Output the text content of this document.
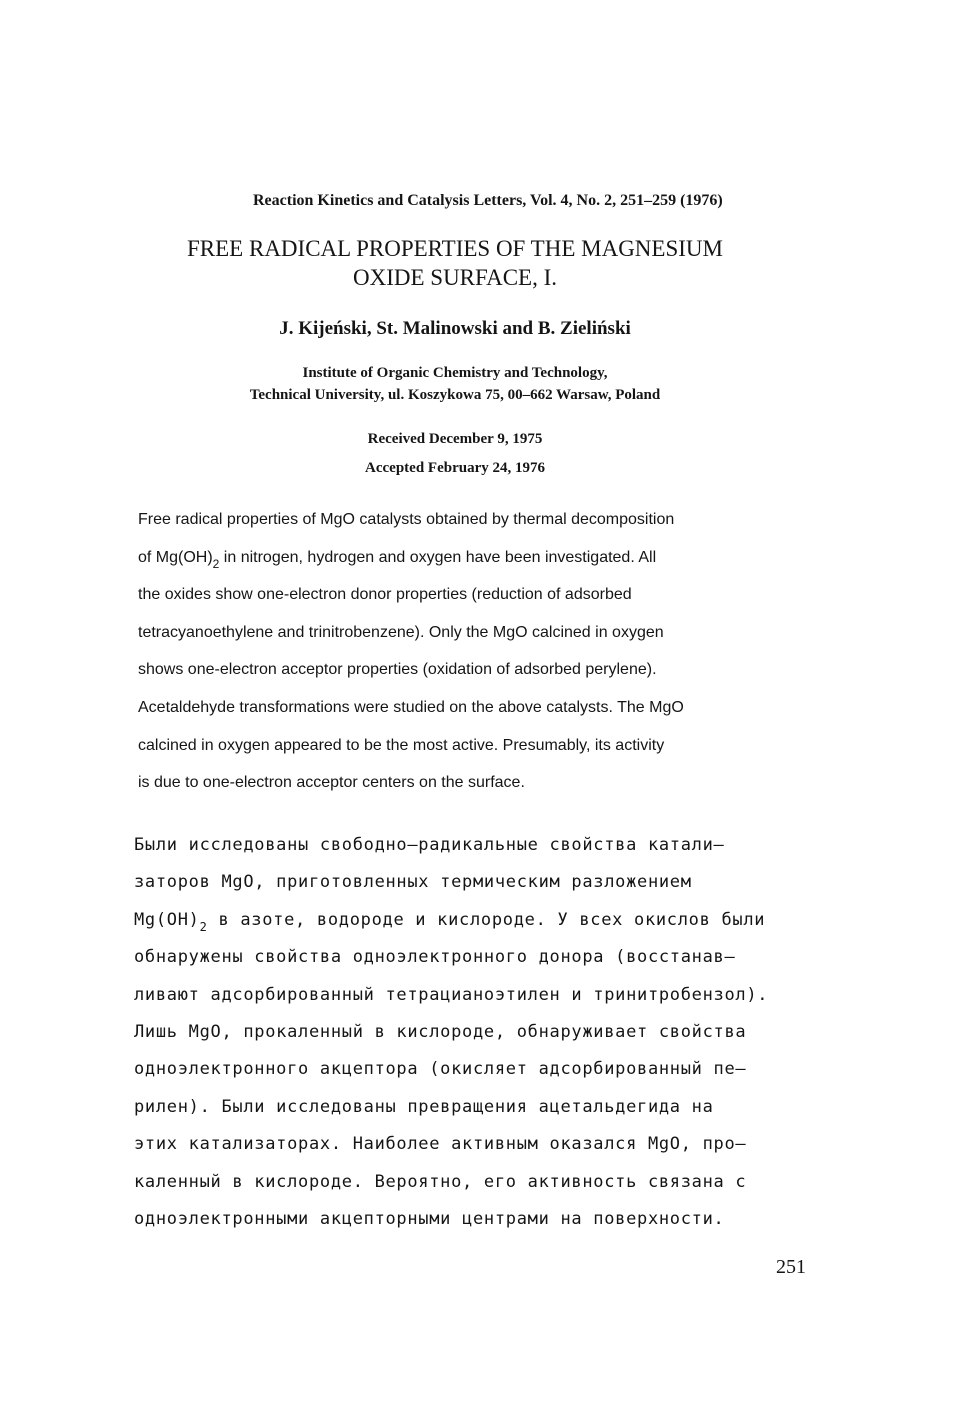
Reaction Kinetics and Catalysis Letters, Vol. 4, No. 2, 251–259 (1976)
FREE RADICAL PROPERTIES OF THE MAGNESIUM
OXIDE SURFACE, I.
J. Kijeński, St. Malinowski and B. Zieliński
Institute of Organic Chemistry and Technology,
Technical University, ul. Koszykowa 75, 00–662 Warsaw, Poland
Received December 9, 1975
Accepted February 24, 1976
Free radical properties of MgO catalysts obtained by thermal decomposition
of $Mg(OH)_2$ in nitrogen, hydrogen and oxygen have been investigated. All
the oxides show one-electron donor properties (reduction of adsorbed
tetracyanoethylene and trinitrobenzene). Only the MgO calcined in oxygen
shows one-electron acceptor properties (oxidation of adsorbed perylene).
Acetaldehyde transformations were studied on the above catalysts. The MgO
calcined in oxygen appeared to be the most active. Presumably, its activity
is due to one-electron acceptor centers on the surface.
Были исследованы свободно–радикальные свойства катали–
заторов MgO, приготовленных термическим разложением
$Mg(OH)_2$ в азоте, водороде и кислороде. У всех окислов были
обнаружены свойства одноэлектронного донора (восстанав–
ливают адсорбированный тетрацианоэтилен и тринитробензол).
Лишь MgO, прокаленный в кислороде, обнаруживает свойства
одноэлектронного акцептора (окисляет адсорбированный пе–
рилен). Были исследованы превращения ацетальдегида на
этих катализаторах. Наиболее активным оказался MgO, про–
каленный в кислороде. Вероятно, его активность связана с
одноэлектронными акцепторными центрами на поверхности.
251
